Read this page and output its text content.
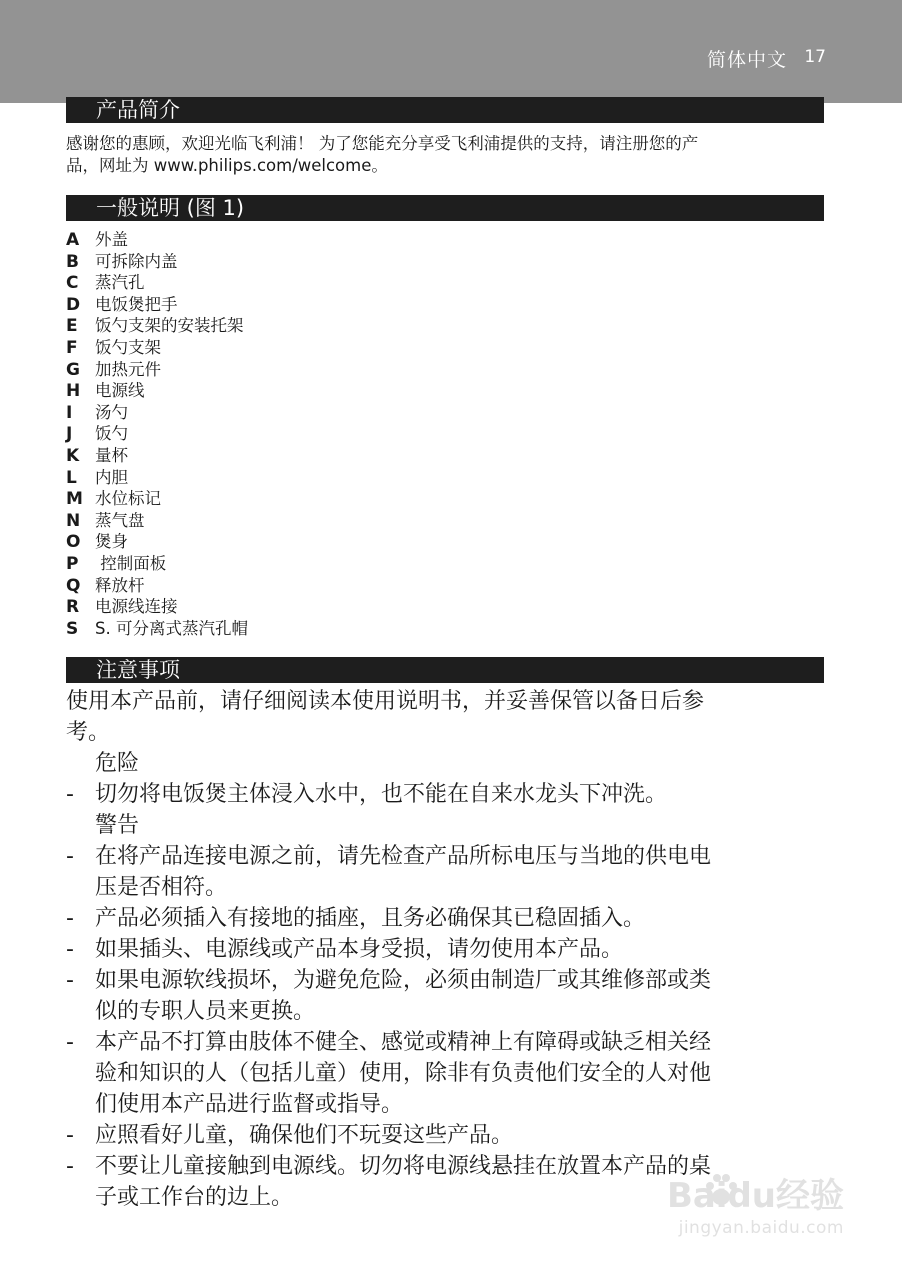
简体中文 17
产品简介
感谢您的惠顾，欢迎光临飞利浦！ 为了您能充分享受飞利浦提供的支持，请注册您的产
品，网址为 www.philips.com/welcome。
一般说明 (图 1)
A 外盖
B 可拆除内盖
C 蒸汽孔
D 电饭煲把手
E 饭勺支架的安装托架
F 饭勺支架
G 加热元件
H 电源线
I 汤勺
J 饭勺
K 量杯
L 内胆
M 水位标记
N 蒸气盘
O 煲身
P 控制面板
Q 释放杆
R 电源线连接
S S. 可分离式蒸汽孔帽
注意事项

使用本产品前，请仔细阅读本使用说明书，并妥善保管以备日后参
考。

危险

- 切勿将电饭煲主体浸入水中，也不能在自来水龙头下冲洗。

警告

- 在将产品连接电源之前，请先检查产品所标电压与当地的供电电
压是否相符。
- 产品必须插入有接地的插座，且务必确保其已稳固插入。
- 如果插头、电源线或产品本身受损，请勿使用本产品。
- 如果电源软线损坏，为避免危险，必须由制造厂或其维修部或类
似的专职人员来更换。
- 本产品不打算由肢体不健全、感觉或精神上有障碍或缺乏相关经
验和知识的人（包括儿童）使用，除非有负责他们安全的人对他
们使用本产品进行监督或指导。
- 应照看好儿童，确保他们不玩耍这些产品。
- 不要让儿童接触到电源线。切勿将电源线悬挂在放置本产品的桌
子或工作台的边上。	Baidu经验
jingyan.baidu.com
